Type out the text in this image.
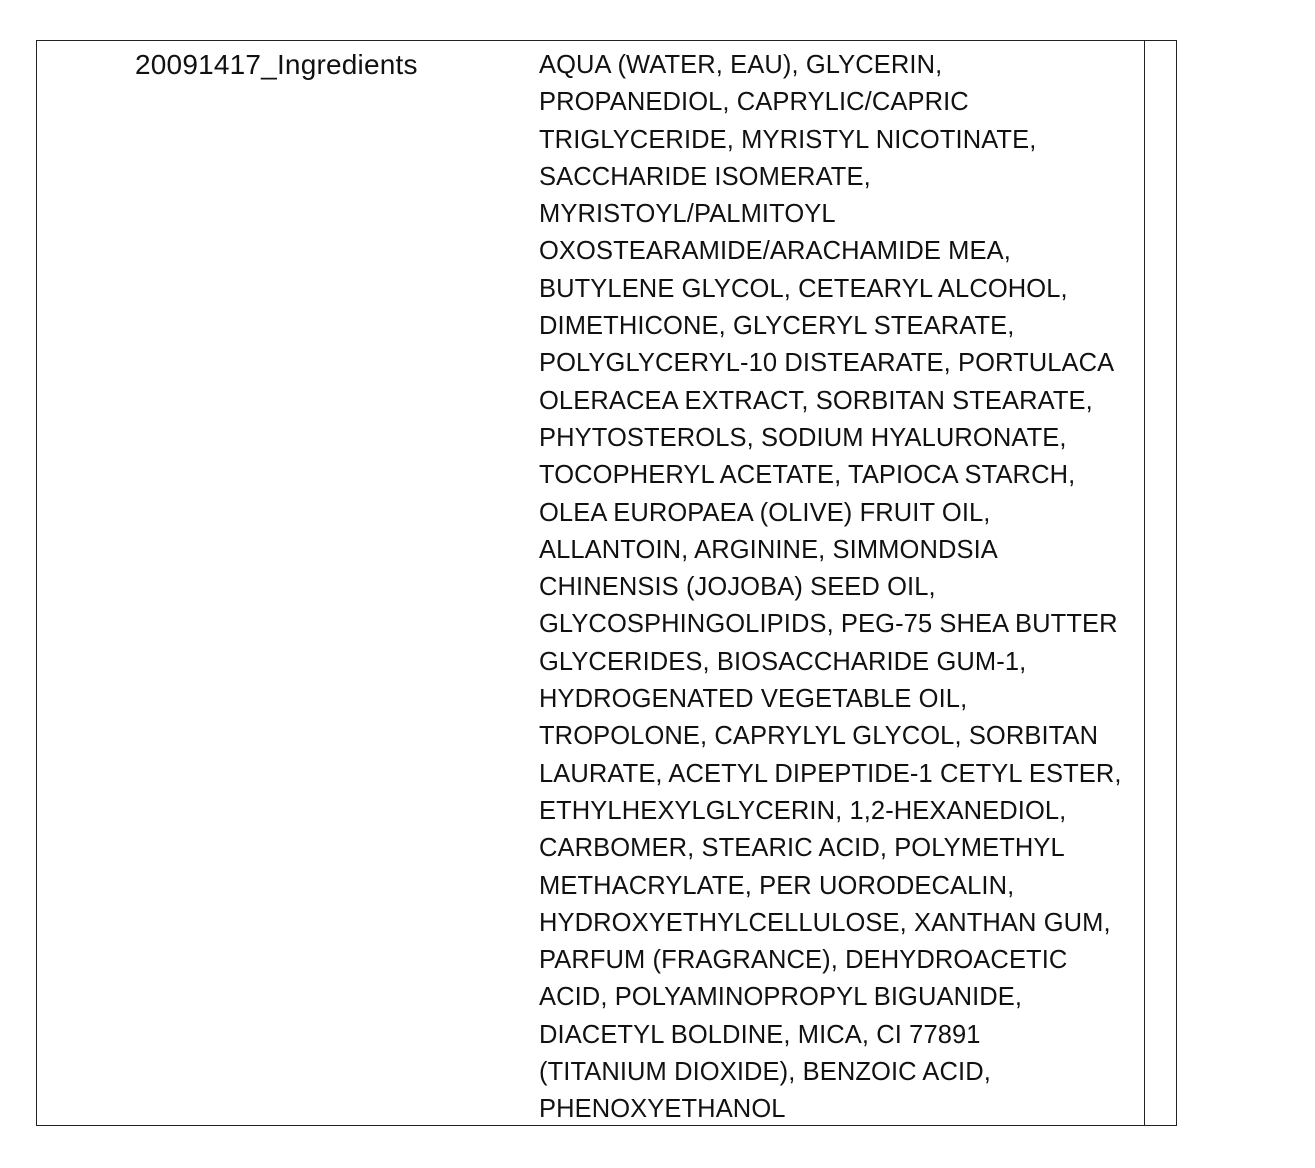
20091417_Ingredients	AQUA (WATER, EAU), GLYCERIN,
PROPANEDIOL, CAPRYLIC/CAPRIC
TRIGLYCERIDE, MYRISTYL NICOTINATE,
SACCHARIDE ISOMERATE,
MYRISTOYL/PALMITOYL
OXOSTEARAMIDE/ARACHAMIDE MEA,
BUTYLENE GLYCOL, CETEARYL ALCOHOL,
DIMETHICONE, GLYCERYL STEARATE,
POLYGLYCERYL-10 DISTEARATE, PORTULACA
OLERACEA EXTRACT, SORBITAN STEARATE,
PHYTOSTEROLS, SODIUM HYALURONATE,
TOCOPHERYL ACETATE, TAPIOCA STARCH,
OLEA EUROPAEA (OLIVE) FRUIT OIL,
ALLANTOIN, ARGININE, SIMMONDSIA
CHINENSIS (JOJOBA) SEED OIL,
GLYCOSPHINGOLIPIDS, PEG-75 SHEA BUTTER
GLYCERIDES, BIOSACCHARIDE GUM-1,
HYDROGENATED VEGETABLE OIL,
TROPOLONE, CAPRYLYL GLYCOL, SORBITAN
LAURATE, ACETYL DIPEPTIDE-1 CETYL ESTER,
ETHYLHEXYLGLYCERIN, 1,2-HEXANEDIOL,
CARBOMER, STEARIC ACID, POLYMETHYL
METHACRYLATE, PER UORODECALIN,
HYDROXYETHYLCELLULOSE, XANTHAN GUM,
PARFUM (FRAGRANCE), DEHYDROACETIC
ACID, POLYAMINOPROPYL BIGUANIDE,
DIACETYL BOLDINE, MICA, CI 77891
(TITANIUM DIOXIDE), BENZOIC ACID,
PHENOXYETHANOL
